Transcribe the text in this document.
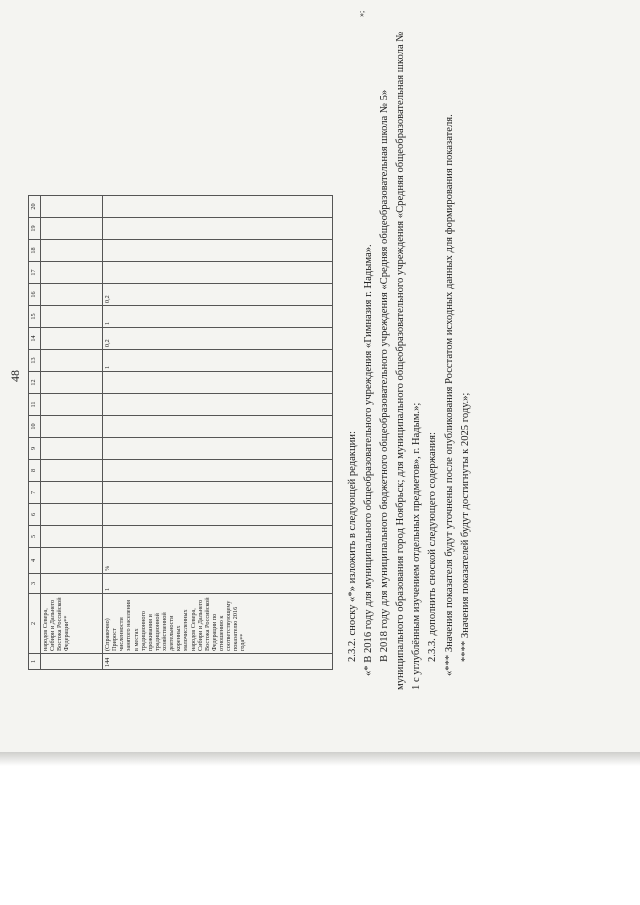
48
1	2	3	4	5	6	7	8	9	10	11	12	13	14	15	16	17	18	19	20
	народов Севера, Сибири и Дальнего Востока Российской Федерации**																		
144	(Справочно) Прирост численности занятого населения в местах традиционного проживания и традиционной хозяйственной деятельности коренных малочисленных народов Севера, Сибири и Дальнего Востока Российской Федерации по отношению к соответствующему показателю 2016 года**	1	%									1	0,2	1	0,2				
»;

2.3.2. сноску «*» изложить в следующей редакции: «* В 2016 году для муниципального общеобразовательного учреждения «Гимназия г. Надыма». В 2018 году для муниципального бюджетного общеобразовательного учреждения «Средняя общеобразовательная школа № 5» муниципального образования город Ноябрьск; для муниципального общеобразовательного учреждения «Средняя общеобразовательная школа № 1 с углублённым изучением отдельных предметов», г. Надым.»; 2.3.3. дополнить сноской следующего содержания: «*** Значения показателя будут уточнены после опубликования Росстатом исходных данных для формирования показателя. **** Значения показателей будут достигнуты к 2025 году.»;
